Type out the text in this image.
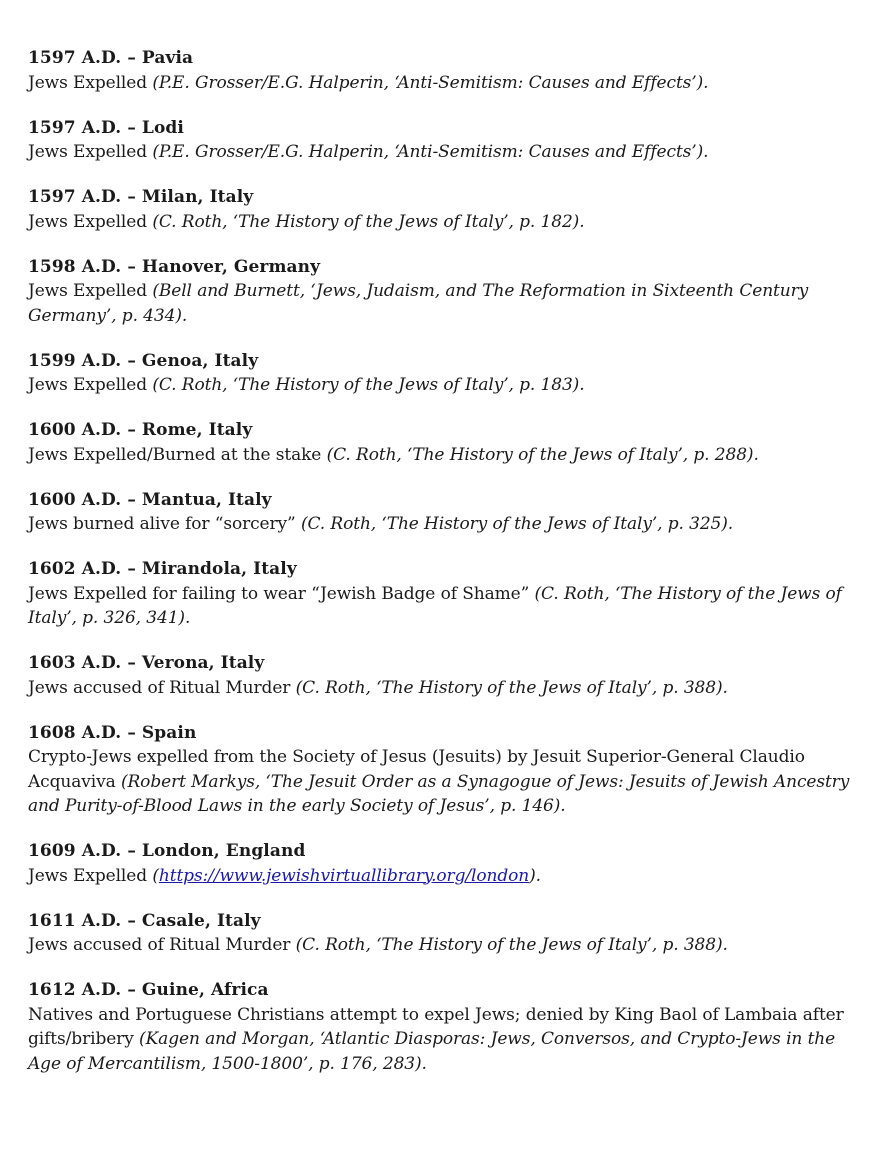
1597 A.D. – Pavia
Jews Expelled (P.E. Grosser/E.G. Halperin, ‘Anti-Semitism: Causes and Effects’).
1597 A.D. – Lodi
Jews Expelled (P.E. Grosser/E.G. Halperin, ‘Anti-Semitism: Causes and Effects’).
1597 A.D. – Milan, Italy
Jews Expelled (C. Roth, ‘The History of the Jews of Italy’, p. 182).
1598 A.D. – Hanover, Germany
Jews Expelled (Bell and Burnett, ‘Jews, Judaism, and The Reformation in Sixteenth Century Germany’, p. 434).
1599 A.D. – Genoa, Italy
Jews Expelled (C. Roth, ‘The History of the Jews of Italy’, p. 183).
1600 A.D. – Rome, Italy
Jews Expelled/Burned at the stake (C. Roth, ‘The History of the Jews of Italy’, p. 288).
1600 A.D. – Mantua, Italy
Jews burned alive for “sorcery” (C. Roth, ‘The History of the Jews of Italy’, p. 325).
1602 A.D. – Mirandola, Italy
Jews Expelled for failing to wear “Jewish Badge of Shame” (C. Roth, ‘The History of the Jews of Italy’, p. 326, 341).
1603 A.D. – Verona, Italy
Jews accused of Ritual Murder (C. Roth, ‘The History of the Jews of Italy’, p. 388).
1608 A.D. – Spain
Crypto-Jews expelled from the Society of Jesus (Jesuits) by Jesuit Superior-General Claudio Acquaviva (Robert Markys, ‘The Jesuit Order as a Synagogue of Jews: Jesuits of Jewish Ancestry and Purity-of-Blood Laws in the early Society of Jesus’, p. 146).
1609 A.D. – London, England
Jews Expelled (https://www.jewishvirtuallibrary.org/london).
1611 A.D. – Casale, Italy
Jews accused of Ritual Murder (C. Roth, ‘The History of the Jews of Italy’, p. 388).
1612 A.D. – Guine, Africa
Natives and Portuguese Christians attempt to expel Jews; denied by King Baol of Lambaia after gifts/bribery (Kagen and Morgan, ‘Atlantic Diasporas: Jews, Conversos, and Crypto-Jews in the Age of Mercantilism, 1500-1800’, p. 176, 283).
